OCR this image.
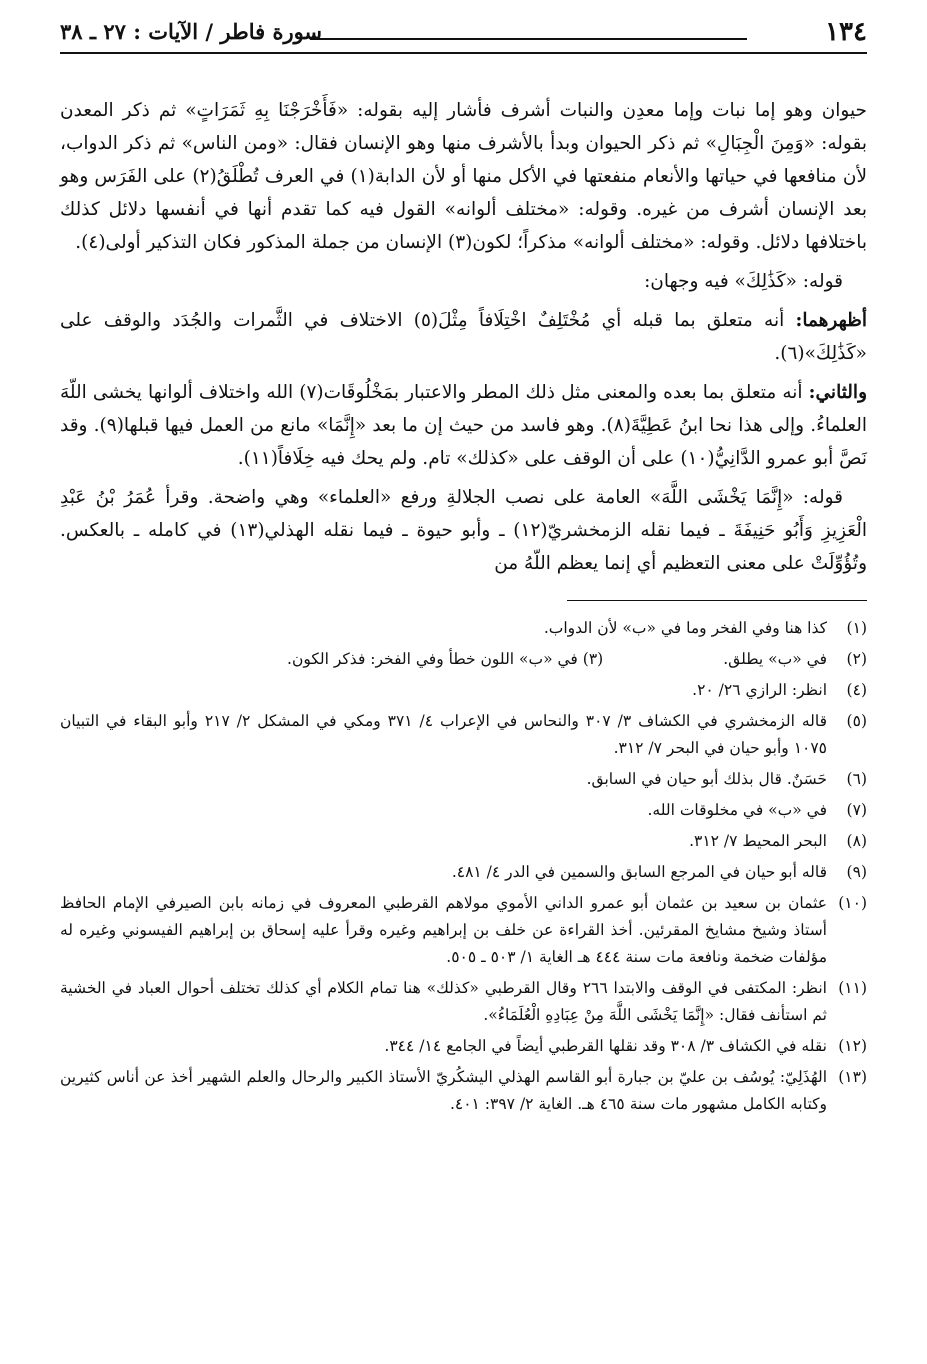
١٣٤
سورة فاطر / الآيات : ٢٧ ـ ٣٨

حيوان وهو إما نبات وإما معدِن والنبات أشرف فأشار إليه بقوله: «فَأَخْرَجْنَا بِهِ ثَمَرَاتٍ» ثم ذكر المعدن بقوله: «وَمِنَ الْجِبَالِ» ثم ذكر الحيوان وبدأ بالأشرف منها وهو الإنسان فقال: «ومن الناس» ثم ذكر الدواب، لأن منافعها في حياتها والأنعام منفعتها في الأكل منها أو لأن الدابة(١) في العرف تُطْلَقُ(٢) على الفَرَس وهو بعد الإنسان أشرف من غيره. وقوله: «مختلف ألوانه» القول فيه كما تقدم أنها في أنفسها دلائل كذلك باختلافها دلائل. وقوله: «مختلف ألوانه» مذكراً؛ لكون(٣) الإنسان من جملة المذكور فكان التذكير أولى(٤).

قوله: «كَذَٰلِكَ» فيه وجهان:

أظهرهما: أنه متعلق بما قبله أي مُخْتَلِفٌ اخْتِلَافاً مِثْلَ(٥) الاختلاف في الثَّمرات والجُدَد والوقف على «كَذَٰلِكَ»(٦).

والثاني: أنه متعلق بما بعده والمعنى مثل ذلك المطر والاعتبار بمَخْلُوقَات(٧) الله واختلاف ألوانها يخشى اللّهَ العلماءُ. وإلى هذا نحا ابنُ عَطِيَّةَ(٨). وهو فاسد من حيث إن ما بعد «إِنَّمَا» مانع من العمل فيها قبلها(٩). وقد نَصَّ أبو عمرو الدَّانِيُّ(١٠) على أن الوقف على «كذلك» تام. ولم يحك فيه خِلَافاً(١١).

قوله: «إِنَّمَا يَخْشَى اللَّهَ» العامة على نصب الجلالةِ ورفع «العلماء» وهي واضحة. وقرأ عُمَرُ بْنُ عَبْدِ الْعَزِيزِ وَأَبُو حَنِيفَةَ ـ فيما نقله الزمخشريّ(١٢) ـ وأبو حيوة ـ فيما نقله الهذلي(١٣) في كامله ـ بالعكس. وتُؤُوِّلَتْ على معنى التعظيم أي إنما يعظم اللّهُ من

(١)
كذا هنا وفي الفخر وما في «ب» لأن الدواب.
(٢)
في «ب» يطلق.
(٣) في «ب» اللون خطأ وفي الفخر: فذكر الكون.
(٤)
انظر: الرازي ٢٦/ ٢٠.
(٥)
قاله الزمخشري في الكشاف ٣/ ٣٠٧ والنحاس في الإعراب ٤/ ٣٧١ ومكي في المشكل ٢/ ٢١٧ وأبو البقاء في التبيان ١٠٧٥ وأبو حيان في البحر ٧/ ٣١٢.
(٦)
حَسَنٌ. قال بذلك أبو حيان في السابق.
(٧)
في «ب» في مخلوقات الله.
(٨)
البحر المحيط ٧/ ٣١٢.
(٩)
قاله أبو حيان في المرجع السابق والسمين في الدر ٤/ ٤٨١.
(١٠)
عثمان بن سعيد بن عثمان أبو عمرو الداني الأموي مولاهم القرطبي المعروف في زمانه بابن الصيرفي الإمام الحافظ أستاذ وشيخ مشايخ المقرئين. أخذ القراءة عن خلف بن إبراهيم وغيره وقرأ عليه إسحاق بن إبراهيم الفيسوني وغيره له مؤلفات ضخمة ونافعة مات سنة ٤٤٤ هـ الغاية ١/ ٥٠٣ ـ ٥٠٥.
(١١)
انظر: المكتفى في الوقف والابتدا ٢٦٦ وقال القرطبي «كذلك» هنا تمام الكلام أي كذلك تختلف أحوال العباد في الخشية ثم استأنف فقال: «إِنَّمَا يَخْشَى اللَّهَ مِنْ عِبَادِهِ الْعُلَمَاءُ».
(١٢)
نقله في الكشاف ٣/ ٣٠٨ وقد نقلها القرطبي أيضاً في الجامع ١٤/ ٣٤٤.
(١٣)
الهُذَلِيّ: يُوسُف بن عليّ بن جبارة أبو القاسم الهذلي اليشكُريّ الأستاذ الكبير والرحال والعلم الشهير أخذ عن أناس كثيرين وكتابه الكامل مشهور مات سنة ٤٦٥ هـ. الغاية ٢/ ٣٩٧: ٤٠١.
